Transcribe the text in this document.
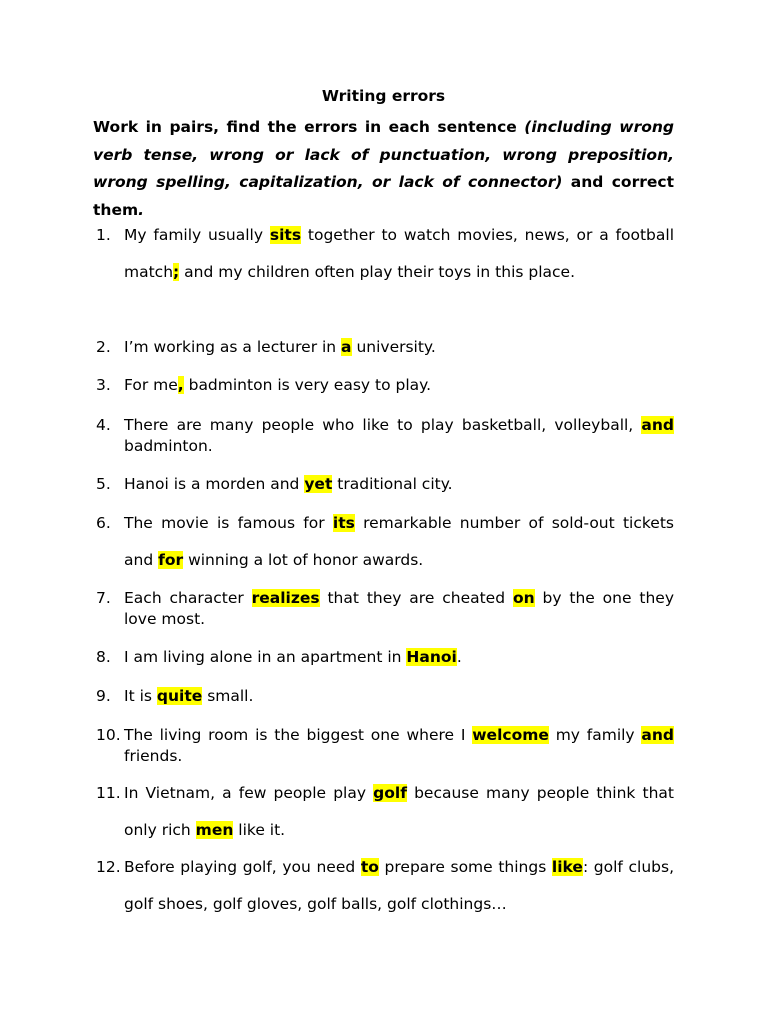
Writing errors
Work in pairs, find the errors in each sentence (including wrong verb tense, wrong or lack of punctuation, wrong preposition, wrong spelling, capitalization, or lack of connector) and correct them.
1. My family usually sits together to watch movies, news, or a football match; and my children often play their toys in this place.
2. I’m working as a lecturer in a university.
3. For me, badminton is very easy to play.
4. There are many people who like to play basketball, volleyball, and badminton.
5. Hanoi is a morden and yet traditional city.
6. The movie is famous for its remarkable number of sold-out tickets and for winning a lot of honor awards.
7. Each character realizes that they are cheated on by the one they love most.
8. I am living alone in an apartment in Hanoi.
9. It is quite small.
10. The living room is the biggest one where I welcome my family and friends.
11. In Vietnam, a few people play golf because many people think that only rich men like it.
12. Before playing golf, you need to prepare some things like: golf clubs, golf shoes, golf gloves, golf balls, golf clothings…
